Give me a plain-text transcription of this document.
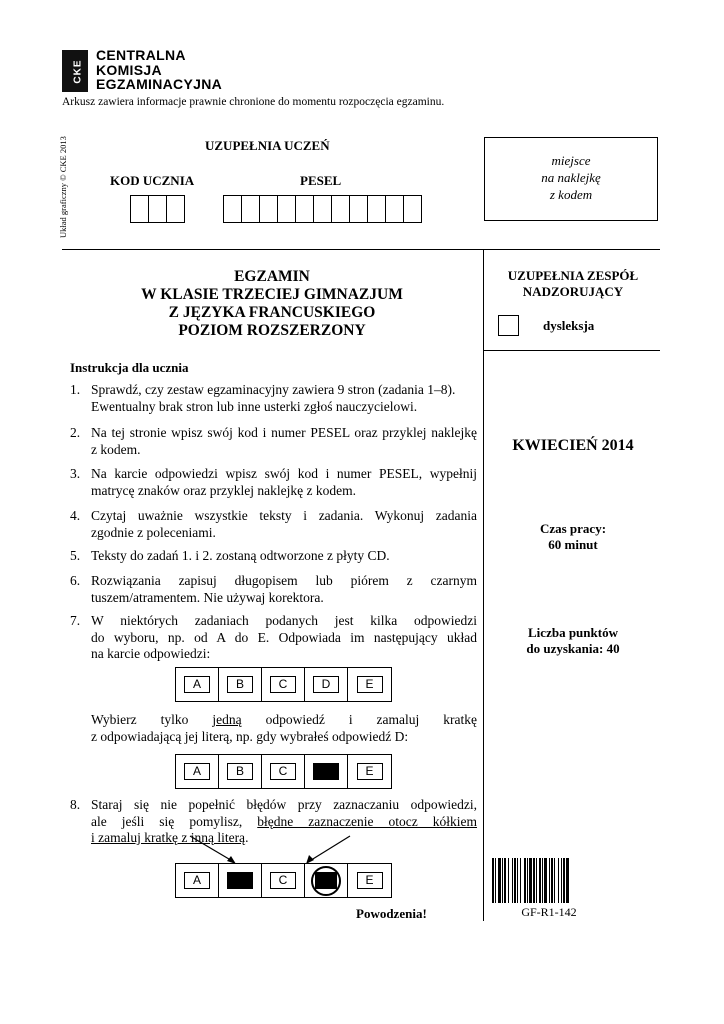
CKE
CENTRALNA
KOMISJA
EGZAMINACYJNA
Arkusz zawiera informacje prawnie chronione do momentu rozpoczęcia egzaminu.
Układ graficzny © CKE 2013	UZUPEŁNIA UCZEŃ
KOD UCZNIA	PESEL
miejsce
na naklejkę
z kodem
EGZAMIN
W KLASIE TRZECIEJ GIMNAZJUM
Z JĘZYKA FRANCUSKIEGO
POZIOM ROZSZERZONY
UZUPEŁNIA ZESPÓŁ
NADZORUJĄCY
dysleksja
KWIECIEŃ 2014
Czas pracy:
60 minut
Liczba punktów
do uzyskania: 40
Instrukcja dla ucznia
1. Sprawdź, czy zestaw egzaminacyjny zawiera 9 stron (zadania 1–8).
Ewentualny brak stron lub inne usterki zgłoś nauczycielowi.
2. Na tej stronie wpisz swój kod i numer PESEL oraz przyklej naklejkę
z kodem.
3. Na karcie odpowiedzi wpisz swój kod i numer PESEL, wypełnij
matrycę znaków oraz przyklej naklejkę z kodem.
4. Czytaj uważnie wszystkie teksty i zadania. Wykonuj zadania
zgodnie z poleceniami.
5. Teksty do zadań 1. i 2. zostaną odtworzone z płyty CD.
6. Rozwiązania zapisuj długopisem lub piórem z czarnym
tuszem/atramentem. Nie używaj korektora.
7. W niektórych zadaniach podanych jest kilka odpowiedzi
do wyboru, np. od A do E. Odpowiada im następujący układ
na karcie odpowiedzi:
A	B	C	D	E
Wybierz tylko jedną odpowiedź i zamaluj kratkę
z odpowiadającą jej literą, np. gdy wybrałeś odpowiedź D:
A	B	C	E
8. Staraj się nie popełnić błędów przy zaznaczaniu odpowiedzi,
ale jeśli się pomylisz, błędne zaznaczenie otocz kółkiem
i zamaluj kratkę z inną literą.
A	C	E
Powodzenia!	GF-R1-142
